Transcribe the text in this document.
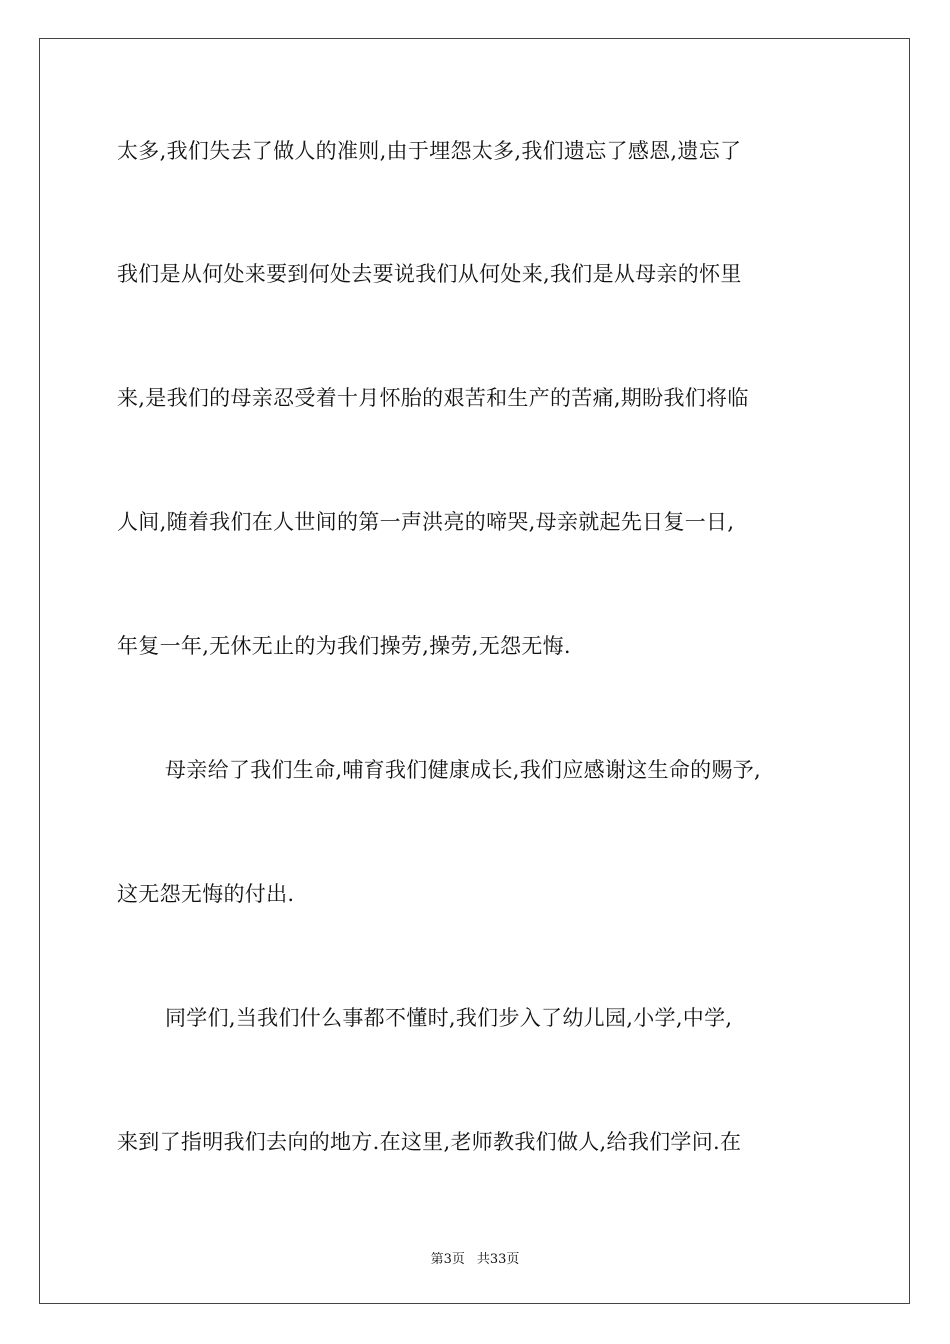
太多,我们失去了做人的准则,由于埋怨太多,我们遗忘了感恩,遗忘了
我们是从何处来要到何处去要说我们从何处来,我们是从母亲的怀里
来,是我们的母亲忍受着十月怀胎的艰苦和生产的苦痛,期盼我们将临
人间,随着我们在人世间的第一声洪亮的啼哭,母亲就起先日复一日,
年复一年,无休无止的为我们操劳,操劳,无怨无悔.
母亲给了我们生命,哺育我们健康成长,我们应感谢这生命的赐予,
这无怨无悔的付出.
同学们,当我们什么事都不懂时,我们步入了幼儿园,小学,中学,
来到了指明我们去向的地方.在这里,老师教我们做人,给我们学问.在
第3页 共33页
